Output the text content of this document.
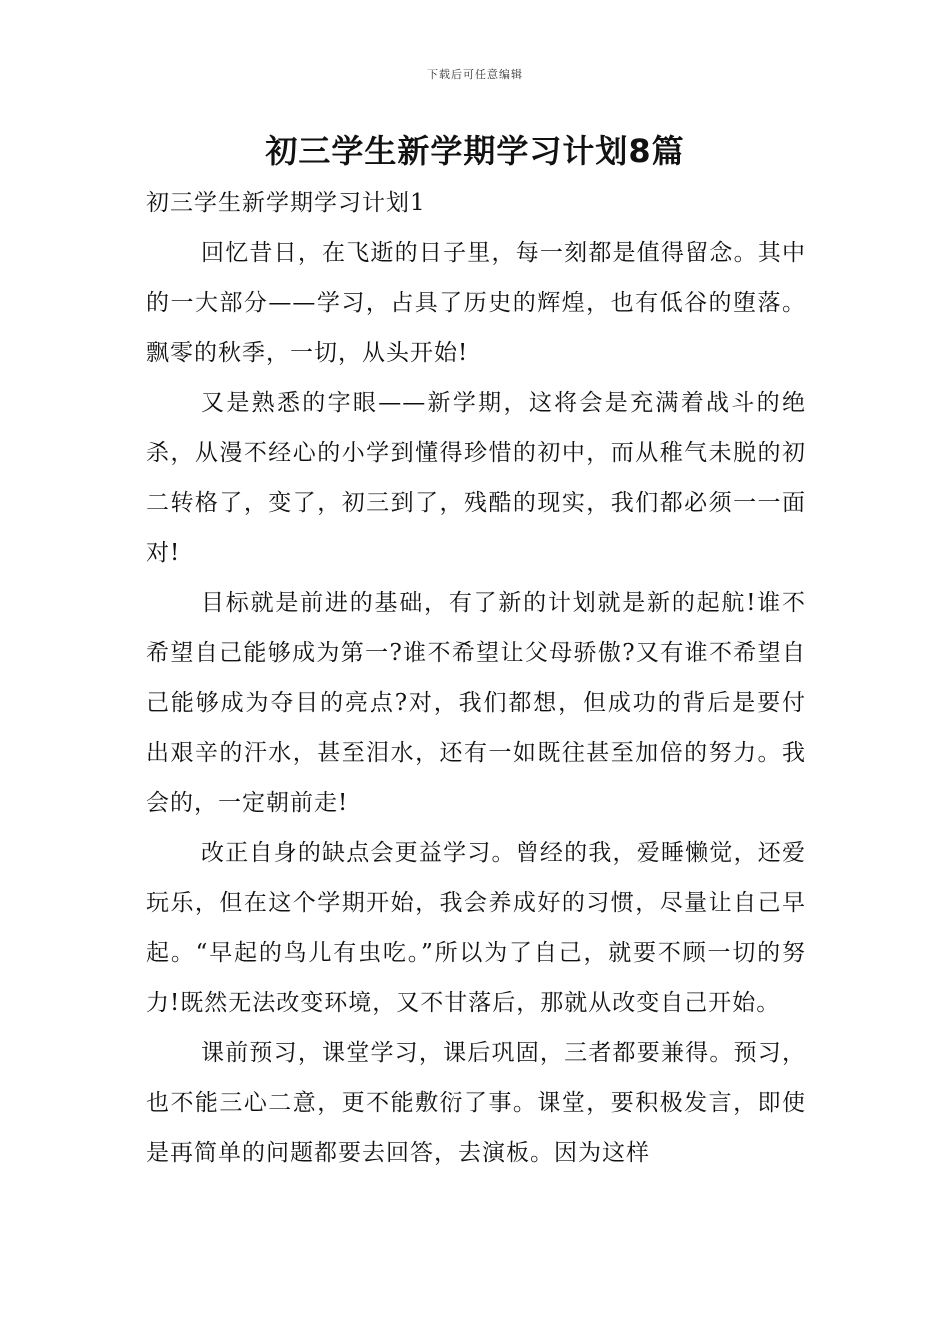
下载后可任意编辑
初三学生新学期学习计划8篇

初三学生新学期学习计划1

回忆昔日，在飞逝的日子里，每一刻都是值得留念。其中的一大部分——学习，占具了历史的辉煌，也有低谷的堕落。飘零的秋季，一切，从头开始!

又是熟悉的字眼——新学期，这将会是充满着战斗的绝杀，从漫不经心的小学到懂得珍惜的初中，而从稚气未脱的初二转格了，变了，初三到了，残酷的现实，我们都必须一一面对!

目标就是前进的基础，有了新的计划就是新的起航!谁不希望自己能够成为第一?谁不希望让父母骄傲?又有谁不希望自己能够成为夺目的亮点?对，我们都想，但成功的背后是要付出艰辛的汗水，甚至泪水，还有一如既往甚至加倍的努力。我会的，一定朝前走!

改正自身的缺点会更益学习。曾经的我，爱睡懒觉，还爱玩乐，但在这个学期开始，我会养成好的习惯，尽量让自己早起。“早起的鸟儿有虫吃。”所以为了自己，就要不顾一切的努力!既然无法改变环境，又不甘落后，那就从改变自己开始。

课前预习，课堂学习，课后巩固，三者都要兼得。预习，也不能三心二意，更不能敷衍了事。课堂，要积极发言，即使是再简单的问题都要去回答，去演板。因为这样
